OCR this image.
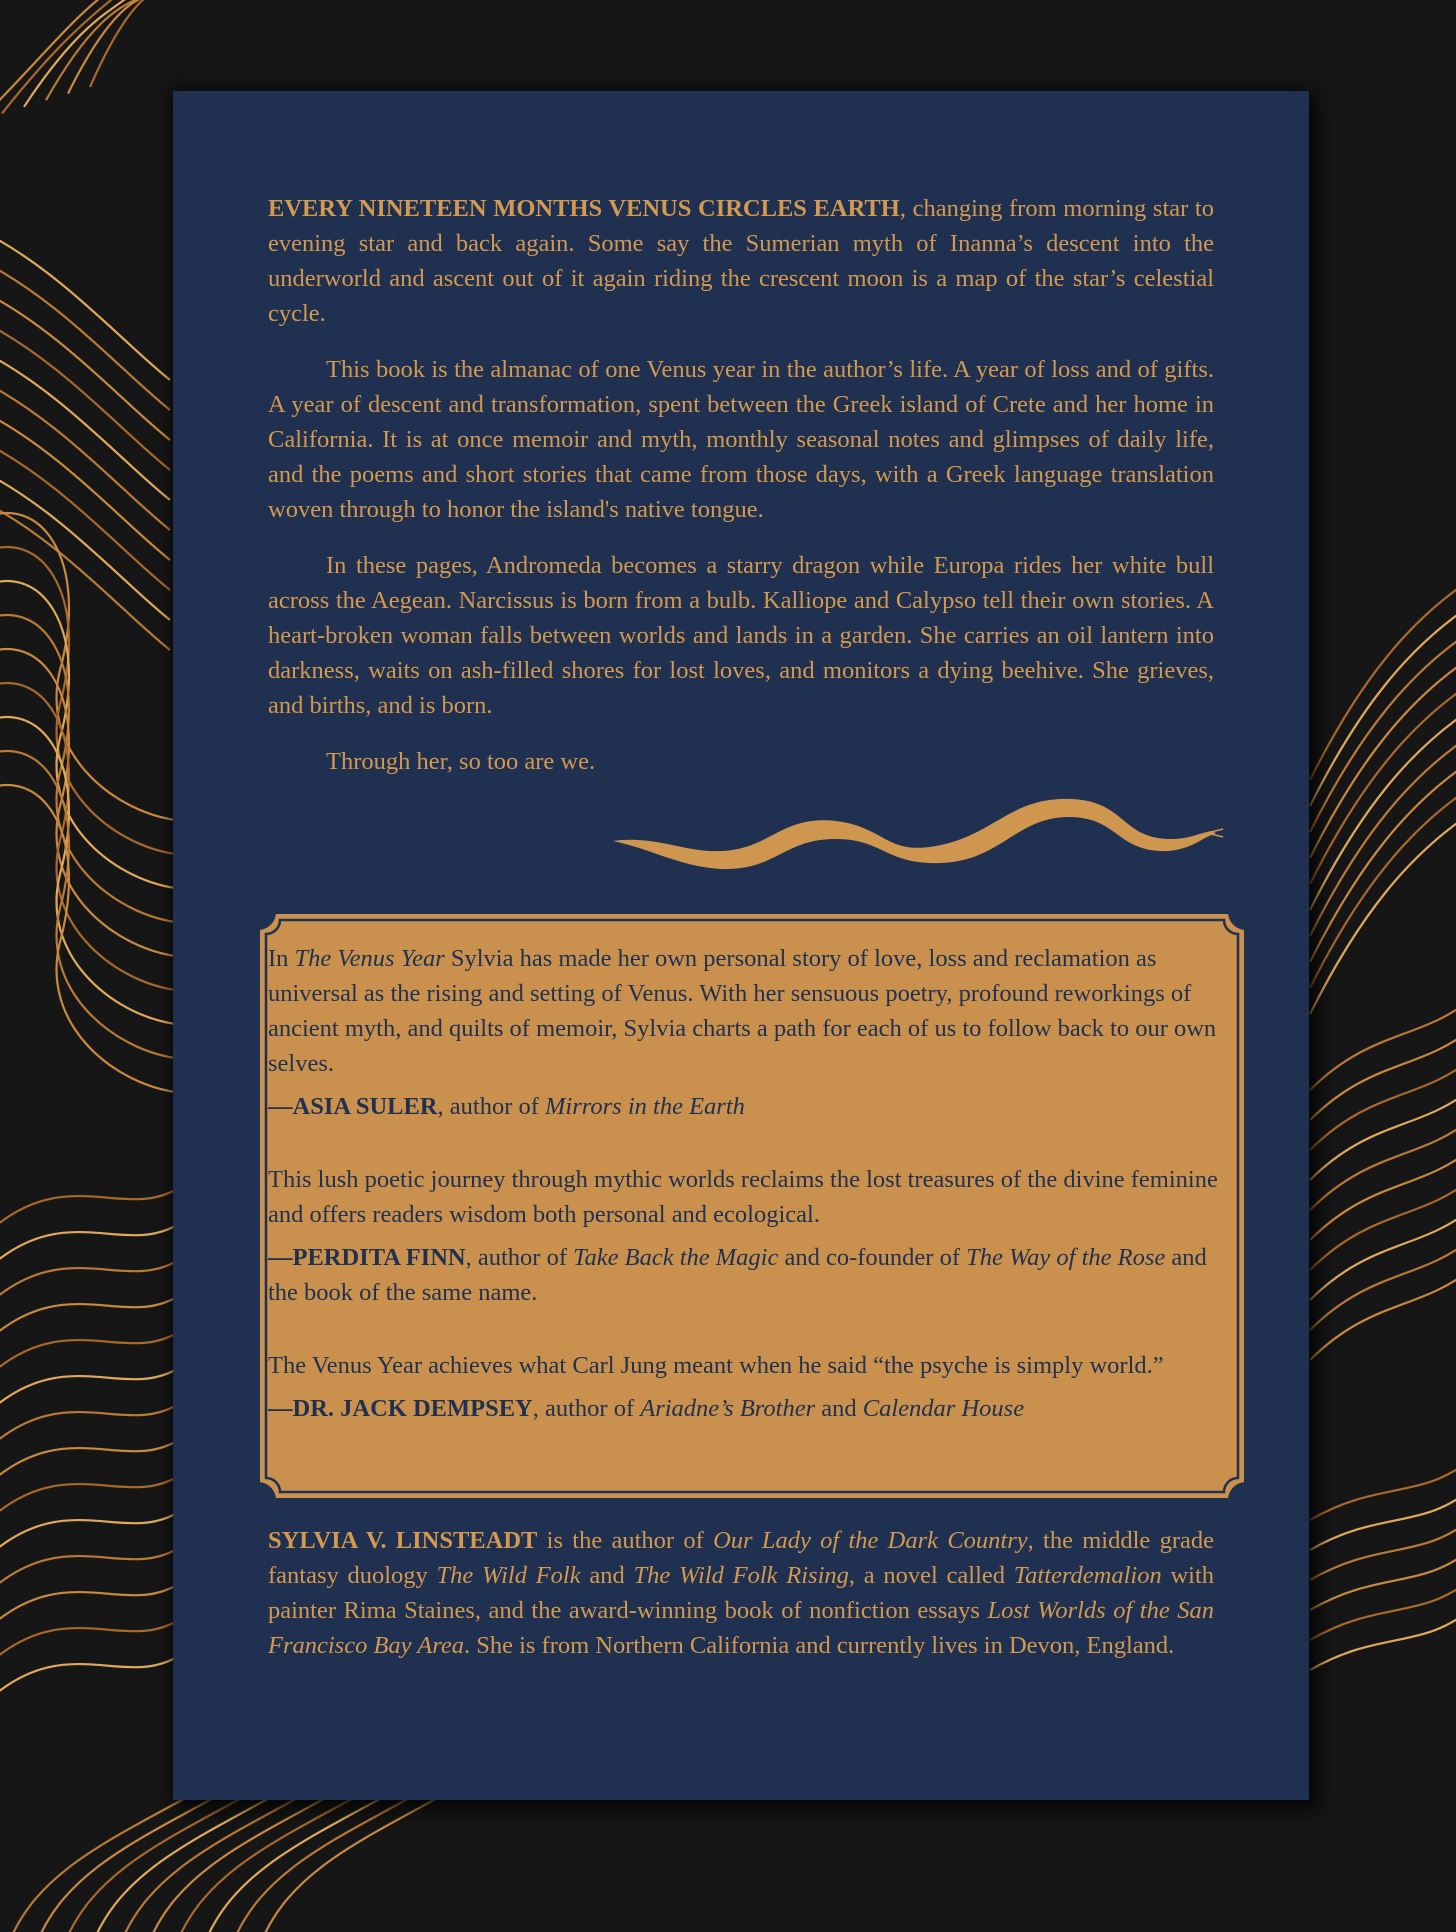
EVERY NINETEEN MONTHS VENUS CIRCLES EARTH, changing from morning star to evening star and back again. Some say the Sumerian myth of Inanna’s descent into the underworld and ascent out of it again riding the crescent moon is a map of the star’s celestial cycle.

This book is the almanac of one Venus year in the author’s life. A year of loss and of gifts. A year of descent and transformation, spent between the Greek island of Crete and her home in California. It is at once memoir and myth, monthly seasonal notes and glimpses of daily life, and the poems and short stories that came from those days, with a Greek language translation woven through to honor the island's native tongue.

In these pages, Andromeda becomes a starry dragon while Europa rides her white bull across the Aegean. Narcissus is born from a bulb. Kalliope and Calypso tell their own stories. A heart-broken woman falls between worlds and lands in a garden. She carries an oil lantern into darkness, waits on ash-filled shores for lost loves, and monitors a dying beehive. She grieves, and births, and is born.

Through her, so too are we.

In The Venus Year Sylvia has made her own personal story of love, loss and reclamation as universal as the rising and setting of Venus. With her sensuous poetry, profound reworkings of ancient myth, and quilts of memoir, Sylvia charts a path for each of us to follow back to our own selves.

—ASIA SULER, author of Mirrors in the Earth

This lush poetic journey through mythic worlds reclaims the lost treasures of the divine feminine and offers readers wisdom both personal and ecological.

—PERDITA FINN, author of Take Back the Magic and co-founder of The Way of the Rose and the book of the same name.

The Venus Year achieves what Carl Jung meant when he said “the psyche is simply world.”

—DR. JACK DEMPSEY, author of Ariadne’s Brother and Calendar House

SYLVIA V. LINSTEADT is the author of Our Lady of the Dark Country, the middle grade fantasy duology The Wild Folk and The Wild Folk Rising, a novel called Tatterdemalion with painter Rima Staines, and the award-winning book of nonfiction essays Lost Worlds of the San Francisco Bay Area. She is from Northern California and currently lives in Devon, England.
